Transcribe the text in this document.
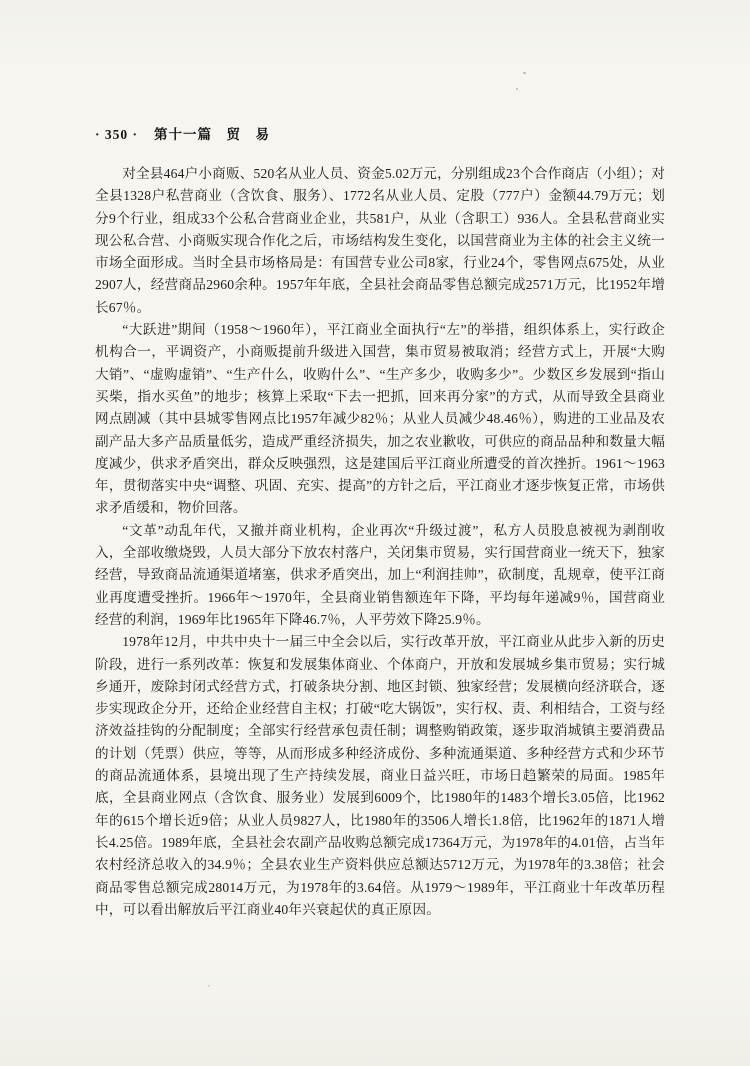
· 350 · 第十一篇　贸　易

对全县464户小商贩、520名从业人员、资金5.02万元，分别组成23个合作商店（小组）；对全县1328户私营商业（含饮食、服务）、1772名从业人员、定股（777户）金额44.79万元；划分9个行业，组成33个公私合营商业企业，共581户，从业（含职工）936人。全县私营商业实现公私合营、小商贩实现合作化之后，市场结构发生变化，以国营商业为主体的社会主义统一市场全面形成。当时全县市场格局是：有国营专业公司8家，行业24个，零售网点675处，从业2907人，经营商品2960余种。1957年年底，全县社会商品零售总额完成2571万元，比1952年增长67％。

“大跃进”期间（1958～1960年），平江商业全面执行“左”的举措，组织体系上，实行政企机构合一，平调资产，小商贩提前升级进入国营，集市贸易被取消；经营方式上，开展“大购大销”、“虚购虚销”、“生产什么，收购什么”、“生产多少，收购多少”。少数区乡发展到“指山买柴，指水买鱼”的地步；核算上采取“下去一把抓，回来再分家”的方式，从而导致全县商业网点剧减（其中县城零售网点比1957年减少82％；从业人员减少48.46％），购进的工业品及农副产品大多产品质量低劣，造成严重经济损失，加之农业歉收，可供应的商品品种和数量大幅度减少，供求矛盾突出，群众反映强烈，这是建国后平江商业所遭受的首次挫折。1961～1963年，贯彻落实中央“调整、巩固、充实、提高”的方针之后，平江商业才逐步恢复正常，市场供求矛盾缓和，物价回落。

“文革”动乱年代，又撤并商业机构，企业再次“升级过渡”，私方人员股息被视为剥削收入，全部收缴烧毁，人员大部分下放农村落户，关闭集市贸易，实行国营商业一统天下，独家经营，导致商品流通渠道堵塞，供求矛盾突出，加上“利润挂帅”，砍制度，乱规章，使平江商业再度遭受挫折。1966年～1970年，全县商业销售额连年下降，平均每年递减9％，国营商业经营的利润，1969年比1965年下降46.7％，人平劳效下降25.9％。

1978年12月，中共中央十一届三中全会以后，实行改革开放，平江商业从此步入新的历史阶段，进行一系列改革：恢复和发展集体商业、个体商户，开放和发展城乡集市贸易；实行城乡通开，废除封闭式经营方式，打破条块分割、地区封锁、独家经营；发展横向经济联合，逐步实现政企分开，还给企业经营自主权；打破“吃大锅饭”，实行权、责、利相结合，工资与经济效益挂钩的分配制度；全部实行经营承包责任制；调整购销政策，逐步取消城镇主要消费品的计划（凭票）供应，等等，从而形成多种经济成份、多种流通渠道、多种经营方式和少环节的商品流通体系，县境出现了生产持续发展，商业日益兴旺，市场日趋繁荣的局面。1985年底，全县商业网点（含饮食、服务业）发展到6009个，比1980年的1483个增长3.05倍，比1962年的615个增长近9倍；从业人员9827人，比1980年的3506人增长1.8倍，比1962年的1871人增长4.25倍。1989年底，全县社会农副产品收购总额完成17364万元，为1978年的4.01倍，占当年农村经济总收入的34.9％；全县农业生产资料供应总额达5712万元，为1978年的3.38倍；社会商品零售总额完成28014万元，为1978年的3.64倍。从1979～1989年，平江商业十年改革历程中，可以看出解放后平江商业40年兴衰起伏的真正原因。
